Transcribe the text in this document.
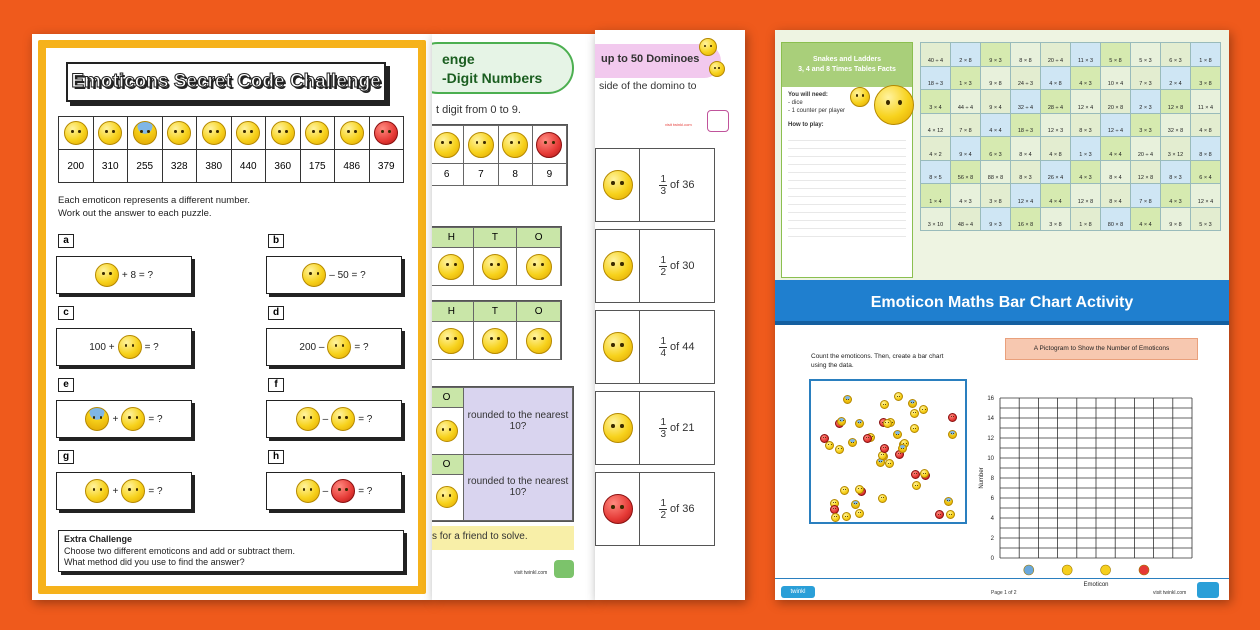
Emoticons Secret Code Challenge

200	310	255	328	380	440	360	175	486	379
Each emoticon represents a different number.
Work out the answer to each puzzle.
a
+ 8 = ?
b
– 50 = ?
c
100 +	= ?
d
200 –	= ?
e
+	= ?
f
–	= ?
g
+	= ?
h
–	= ?
Extra Challenge
Choose two different emoticons and add or subtract them.
What method did you use to find the answer?
enge
-Digit Numbers
t digit from 0 to 9.

6	7	8	9
H	T	O

H	T	O

O	rounded to the nearest 10?

O	rounded to the nearest 10?

s for a friend to solve.
visit twinkl.com
up to 50 Dominoes
side of the domino to
visit twinkl.com
$\frac{1}{3}$ of 36
$\frac{1}{2}$ of 30
$\frac{1}{4}$ of 44
$\frac{1}{3}$ of 21
$\frac{1}{2}$ of 36
Snakes and Ladders
3, 4 and 8 Times Tables Facts
You will need:
- dice
- 1 counter per player
How to play:
40 ÷ 4	2 × 8	9 × 3	8 × 8	20 ÷ 4	11 × 3	5 × 8	5 × 3	6 × 3	1 × 8
18 ÷ 3	1 × 3	9 × 8	24 ÷ 3	4 × 8	4 × 3	10 × 4	7 × 3	2 × 4	3 × 8
3 × 4	44 ÷ 4	9 × 4	32 ÷ 4	28 ÷ 4	12 × 4	20 × 8	2 × 3	12 × 8	11 × 4
4 × 12	7 × 8	4 × 4	18 ÷ 3	12 × 3	8 × 3	12 ÷ 4	3 × 3	32 × 8	4 × 8
4 × 2	9 × 4	6 × 3	8 × 4	4 × 8	1 × 3	4 × 4	20 ÷ 4	3 × 12	8 × 8
8 × 5	56 × 8	88 × 8	8 × 3	26 × 4	4 × 3	8 × 4	12 × 8	8 × 3	6 × 4
1 × 4	4 × 3	3 × 8	12 × 4	4 × 4	12 × 8	8 × 4	7 × 8	4 × 3	12 × 4
3 × 10	48 ÷ 4	9 × 3	16 × 8	3 × 8	1 × 8	80 × 8	4 × 4	9 × 8	5 × 3
Emoticon Maths Bar Chart Activity
Count the emoticons. Then, create a bar chart
using the data.
A Pictogram to Show the Number of Emoticons
0
2
4
6
8
10
12
14
16
Number
Emoticon
twinkl	Page 1 of 2	visit twinkl.com
